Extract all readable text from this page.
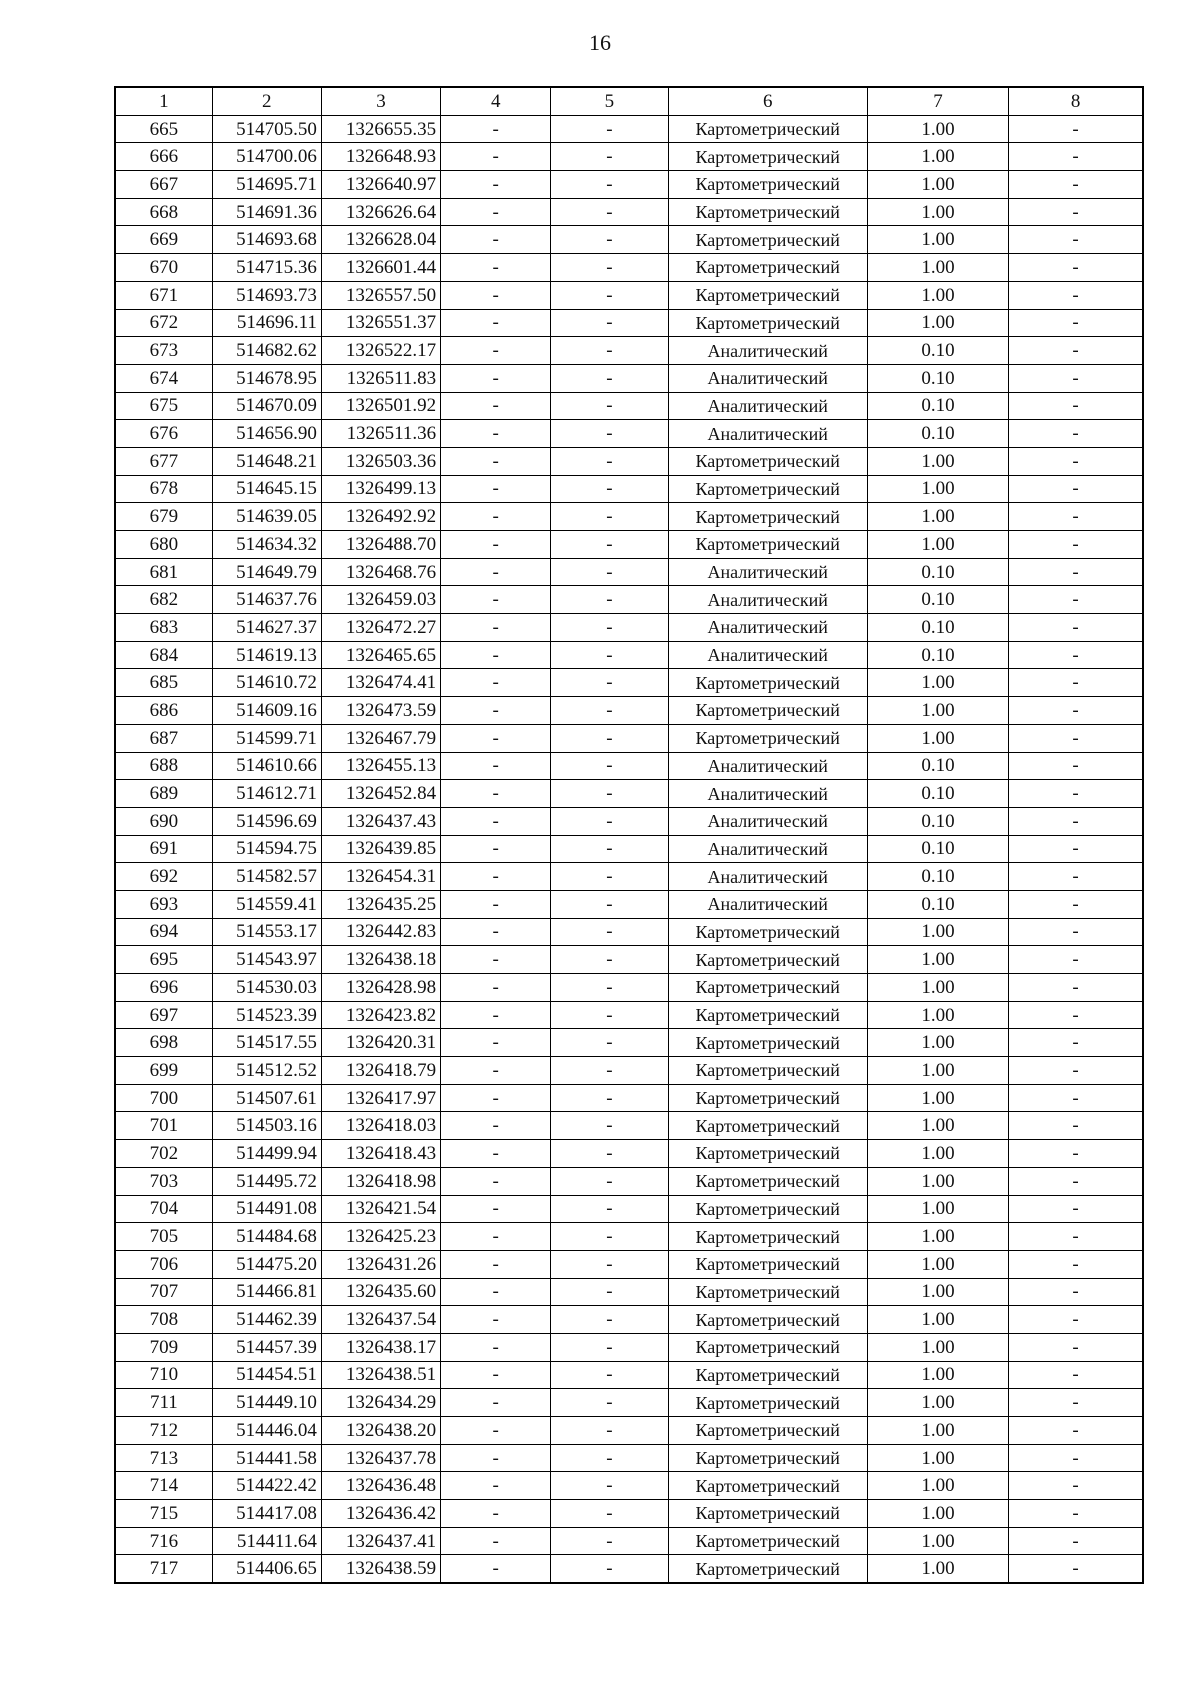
16
1	2	3	4	5	6	7	8
665	514705.50	1326655.35	-	-	Картометрический	1.00	-
666	514700.06	1326648.93	-	-	Картометрический	1.00	-
667	514695.71	1326640.97	-	-	Картометрический	1.00	-
668	514691.36	1326626.64	-	-	Картометрический	1.00	-
669	514693.68	1326628.04	-	-	Картометрический	1.00	-
670	514715.36	1326601.44	-	-	Картометрический	1.00	-
671	514693.73	1326557.50	-	-	Картометрический	1.00	-
672	514696.11	1326551.37	-	-	Картометрический	1.00	-
673	514682.62	1326522.17	-	-	Аналитический	0.10	-
674	514678.95	1326511.83	-	-	Аналитический	0.10	-
675	514670.09	1326501.92	-	-	Аналитический	0.10	-
676	514656.90	1326511.36	-	-	Аналитический	0.10	-
677	514648.21	1326503.36	-	-	Картометрический	1.00	-
678	514645.15	1326499.13	-	-	Картометрический	1.00	-
679	514639.05	1326492.92	-	-	Картометрический	1.00	-
680	514634.32	1326488.70	-	-	Картометрический	1.00	-
681	514649.79	1326468.76	-	-	Аналитический	0.10	-
682	514637.76	1326459.03	-	-	Аналитический	0.10	-
683	514627.37	1326472.27	-	-	Аналитический	0.10	-
684	514619.13	1326465.65	-	-	Аналитический	0.10	-
685	514610.72	1326474.41	-	-	Картометрический	1.00	-
686	514609.16	1326473.59	-	-	Картометрический	1.00	-
687	514599.71	1326467.79	-	-	Картометрический	1.00	-
688	514610.66	1326455.13	-	-	Аналитический	0.10	-
689	514612.71	1326452.84	-	-	Аналитический	0.10	-
690	514596.69	1326437.43	-	-	Аналитический	0.10	-
691	514594.75	1326439.85	-	-	Аналитический	0.10	-
692	514582.57	1326454.31	-	-	Аналитический	0.10	-
693	514559.41	1326435.25	-	-	Аналитический	0.10	-
694	514553.17	1326442.83	-	-	Картометрический	1.00	-
695	514543.97	1326438.18	-	-	Картометрический	1.00	-
696	514530.03	1326428.98	-	-	Картометрический	1.00	-
697	514523.39	1326423.82	-	-	Картометрический	1.00	-
698	514517.55	1326420.31	-	-	Картометрический	1.00	-
699	514512.52	1326418.79	-	-	Картометрический	1.00	-
700	514507.61	1326417.97	-	-	Картометрический	1.00	-
701	514503.16	1326418.03	-	-	Картометрический	1.00	-
702	514499.94	1326418.43	-	-	Картометрический	1.00	-
703	514495.72	1326418.98	-	-	Картометрический	1.00	-
704	514491.08	1326421.54	-	-	Картометрический	1.00	-
705	514484.68	1326425.23	-	-	Картометрический	1.00	-
706	514475.20	1326431.26	-	-	Картометрический	1.00	-
707	514466.81	1326435.60	-	-	Картометрический	1.00	-
708	514462.39	1326437.54	-	-	Картометрический	1.00	-
709	514457.39	1326438.17	-	-	Картометрический	1.00	-
710	514454.51	1326438.51	-	-	Картометрический	1.00	-
711	514449.10	1326434.29	-	-	Картометрический	1.00	-
712	514446.04	1326438.20	-	-	Картометрический	1.00	-
713	514441.58	1326437.78	-	-	Картометрический	1.00	-
714	514422.42	1326436.48	-	-	Картометрический	1.00	-
715	514417.08	1326436.42	-	-	Картометрический	1.00	-
716	514411.64	1326437.41	-	-	Картометрический	1.00	-
717	514406.65	1326438.59	-	-	Картометрический	1.00	-
